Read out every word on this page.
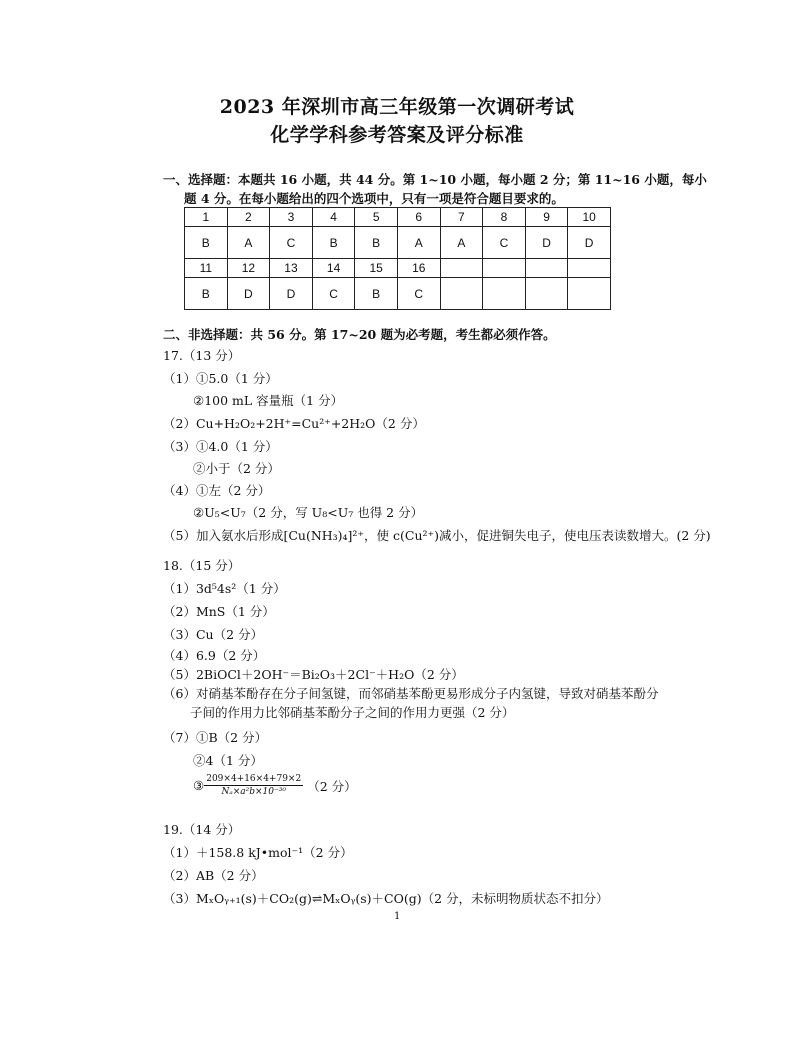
2023 年深圳市高三年级第一次调研考试
化学学科参考答案及评分标准
一、选择题：本题共 16 小题，共 44 分。第 1~10 小题，每小题 2 分；第 11~16 小题，每小
题 4 分。在每小题给出的四个选项中，只有一项是符合题目要求的。
1	2	3	4	5	6	7	8	9	10
B	A	C	B	B	A	A	C	D	D
11	12	13	14	15	16				
B	D	D	C	B	C				
二、非选择题：共 56 分。第 17~20 题为必考题，考生都必须作答。
17.（13 分）
（1）①5.0（1 分）
②100 mL 容量瓶（1 分）
（2）Cu+H₂O₂+2H⁺=Cu²⁺+2H₂O（2 分）
（3）①4.0（1 分）
②小于（2 分）
（4）①左（2 分）
②U₅<U₇（2 分，写 U₈<U₇ 也得 2 分）
（5）加入氨水后形成[Cu(NH₃)₄]²⁺，使 c(Cu²⁺)减小，促进铜失电子，使电压表读数增大。(2 分)
18.（15 分）
（1）3d⁵4s²（1 分）
（2）MnS（1 分）
（3）Cu（2 分）
（4）6.9（2 分）
（5）2BiOCl＋2OH⁻＝Bi₂O₃＋2Cl⁻＋H₂O（2 分）
（6）对硝基苯酚存在分子间氢键，而邻硝基苯酚更易形成分子内氢键，导致对硝基苯酚分
子间的作用力比邻硝基苯酚分子之间的作用力更强（2 分）
（7）①B（2 分）
②4（1 分）
③ $\frac{209\times 4+16\times 4+79\times 2}{\text{Nₐ×a²b×10⁻³⁰}} (2$ 分）
19.（14 分）
（1）＋158.8 kJ•mol⁻¹（2 分）
（2）AB（2 分）
（3）MₓOᵧ₊₁(s)＋CO₂(g)⇌MₓOᵧ(s)＋CO(g)（2 分，未标明物质状态不扣分）
1
